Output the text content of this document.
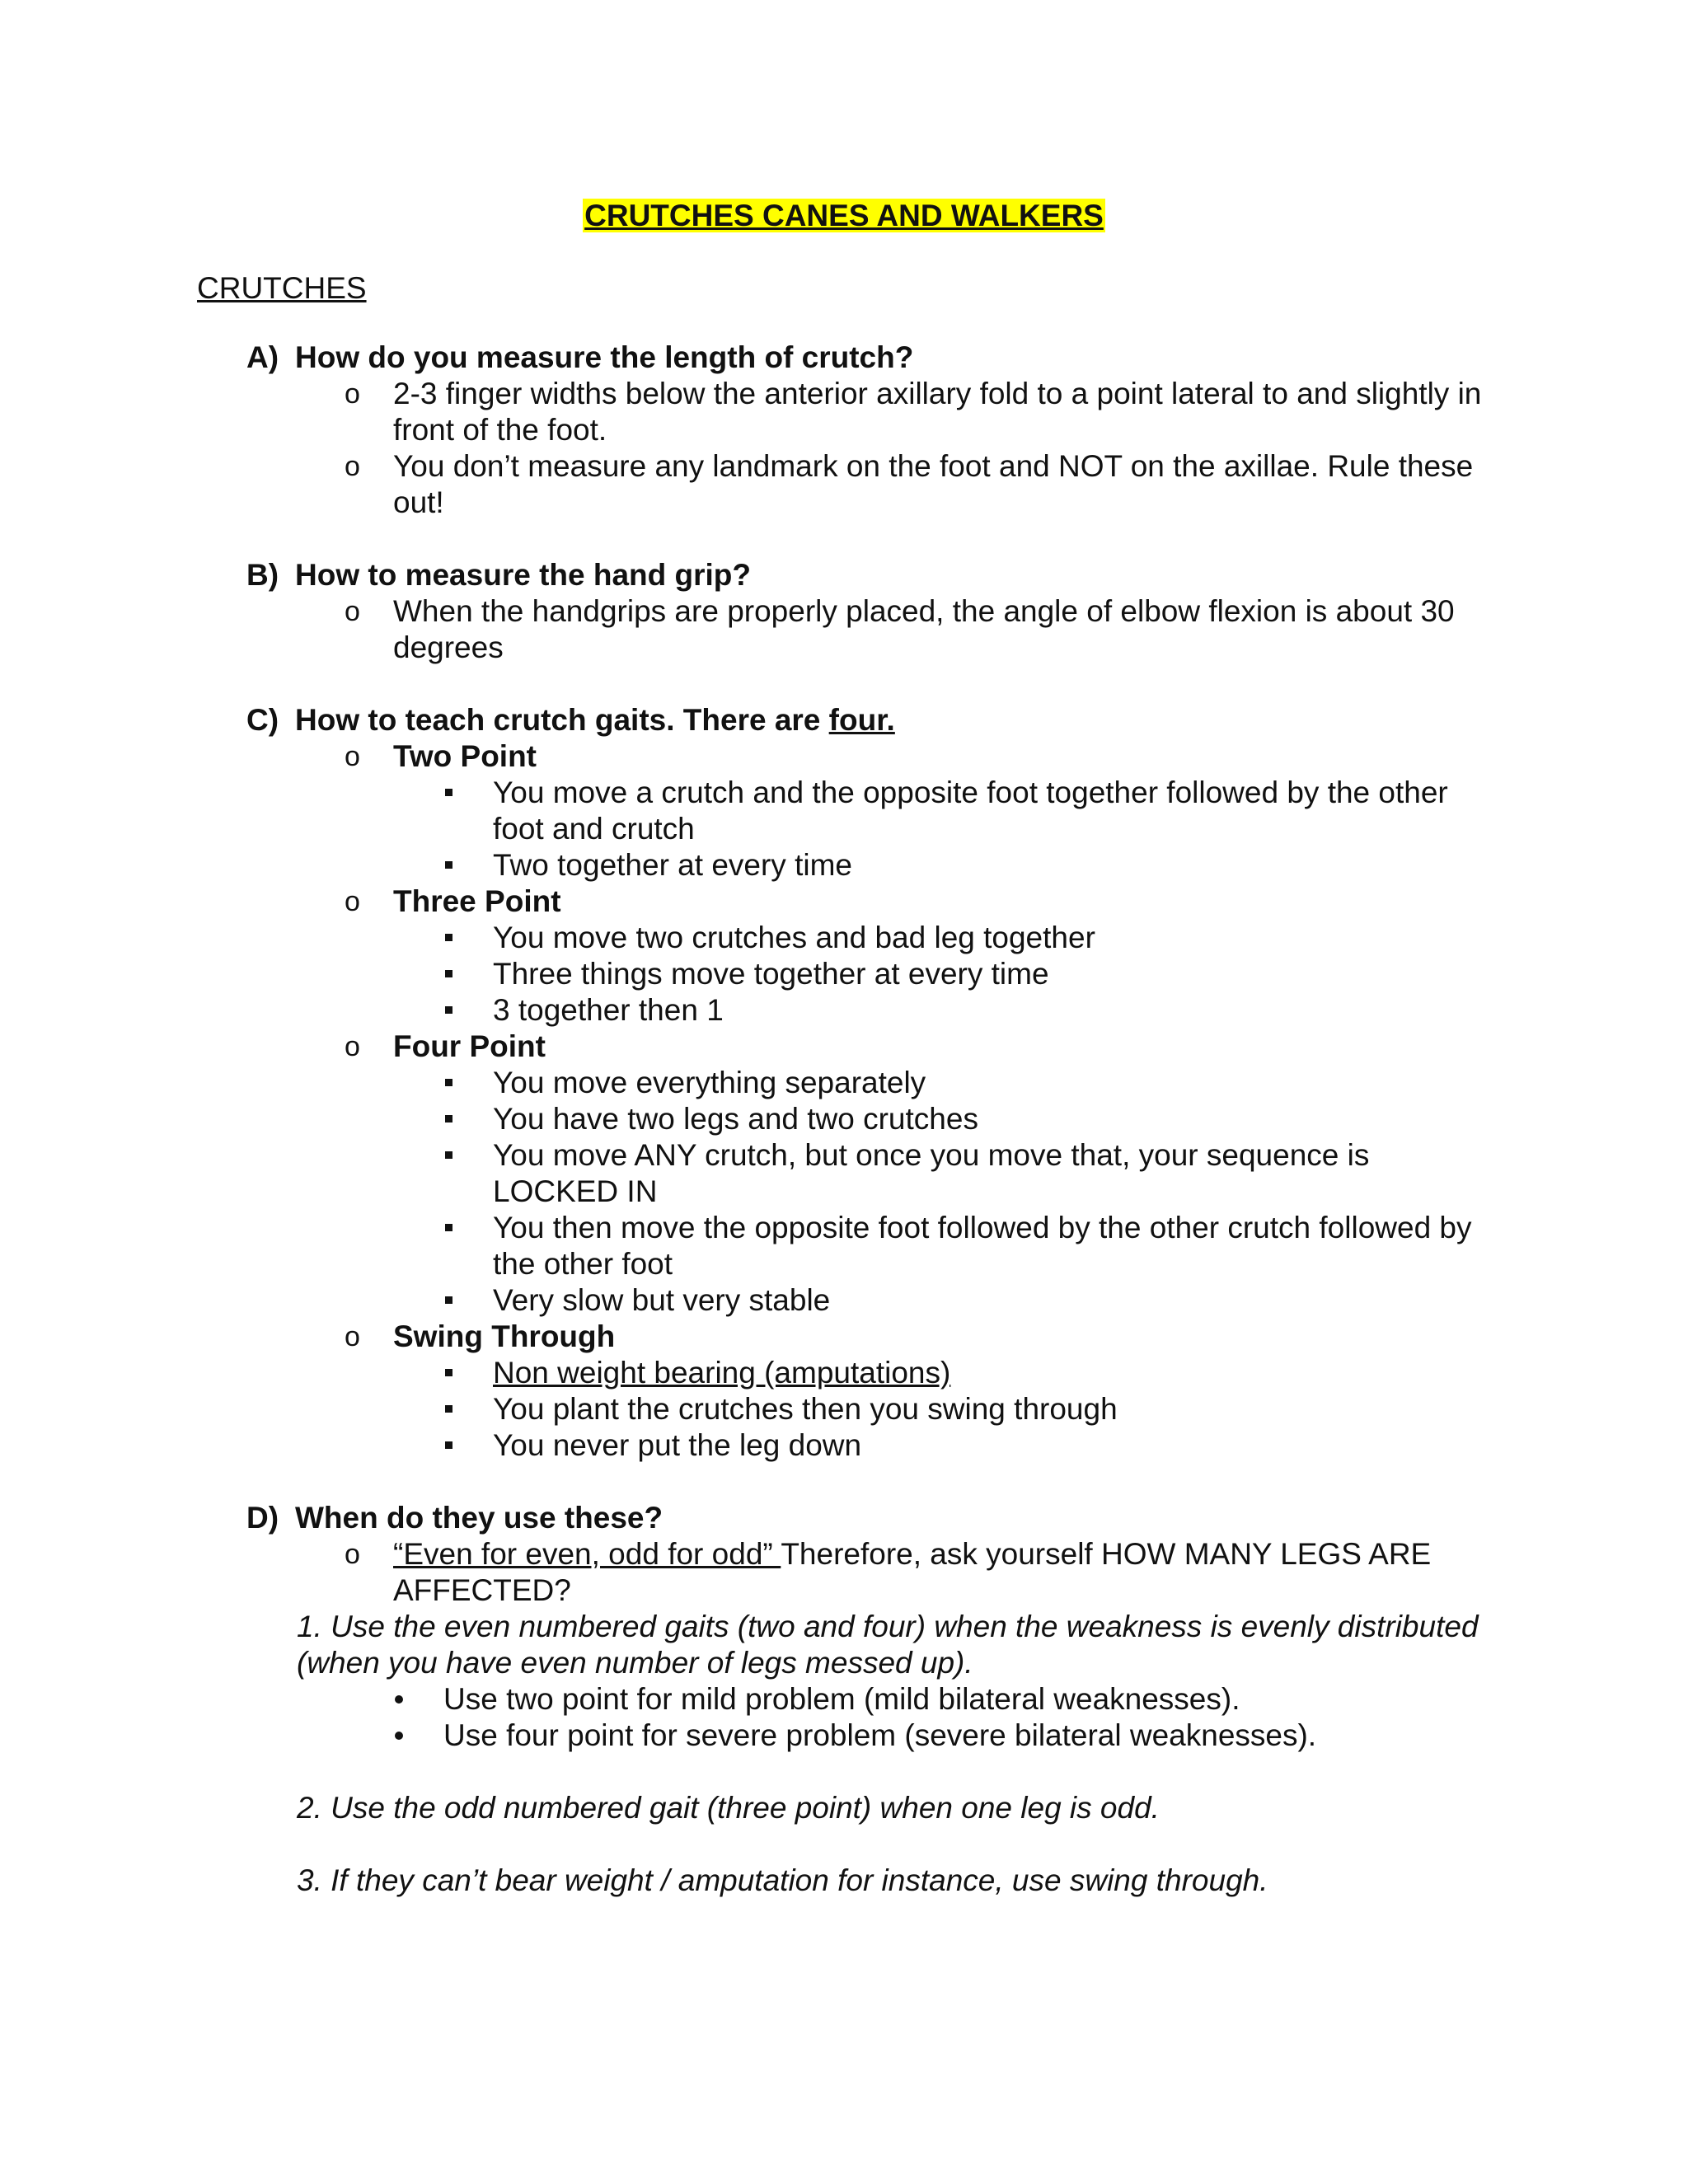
CRUTCHES CANES AND WALKERS
CRUTCHES
A) How do you measure the length of crutch?
o 2-3 finger widths below the anterior axillary fold to a point lateral to and slightly in
front of the foot.
o You don’t measure any landmark on the foot and NOT on the axillae. Rule these
out!
B) How to measure the hand grip?
o When the handgrips are properly placed, the angle of elbow flexion is about 30
degrees
C) How to teach crutch gaits. There are four.
o Two Point
You move a crutch and the opposite foot together followed by the other
foot and crutch
Two together at every time
o Three Point
You move two crutches and bad leg together
Three things move together at every time
3 together then 1
o Four Point
You move everything separately
You have two legs and two crutches
You move ANY crutch, but once you move that, your sequence is
LOCKED IN
You then move the opposite foot followed by the other crutch followed by
the other foot
Very slow but very stable
o Swing Through
Non weight bearing (amputations)
You plant the crutches then you swing through
You never put the leg down
D) When do they use these?
o “Even for even, odd for odd” Therefore, ask yourself HOW MANY LEGS ARE
AFFECTED?
1. Use the even numbered gaits (two and four) when the weakness is evenly distributed
(when you have even number of legs messed up).
Use two point for mild problem (mild bilateral weaknesses).
Use four point for severe problem (severe bilateral weaknesses).
2. Use the odd numbered gait (three point) when one leg is odd.
3. If they can’t bear weight / amputation for instance, use swing through.
